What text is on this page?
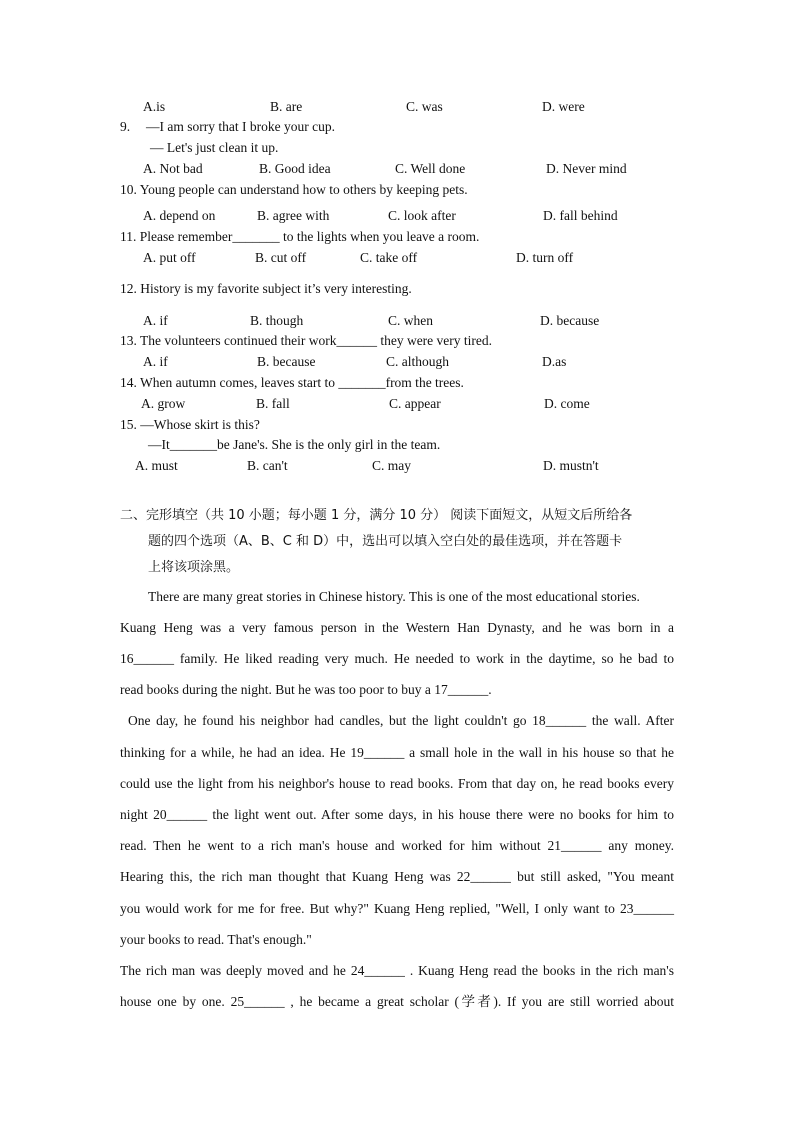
A.is	B. are	C. was	D. were
9. —I am sorry that I broke your cup.
— Let's just clean it up.
A. Not bad	B. Good idea	C. Well done	D. Never mind
10. Young people can understand how to others by keeping pets.
A. depend on	B. agree with	C. look after	D. fall behind
11. Please remember_______ to the lights when you leave a room.
A. put off	B. cut off	C. take off	D. turn off
12. History is my favorite subject it’s very interesting.
A. if	B. though	C. when	D. because
13. The volunteers continued their work______ they were very tired.
A. if	B. because	C. although	D.as
14. When autumn comes, leaves start to _______from the trees.
A. grow	B. fall	C. appear	D. come
15. —Whose skirt is this?
—It_______be Jane's. She is the only girl in the team.
A. must	B. can't	C. may	D. mustn't
二、完形填空（共 10 小题；每小题 1 分，满分 10 分） 阅读下面短文，从短文后所给各
题的四个选项（A、B、C 和 D）中，选出可以填入空白处的最佳选项，并在答题卡
上将该项涂黑。
There are many great stories in Chinese history. This is one of the most educational stories.
Kuang Heng was a very famous person in the Western Han Dynasty, and he was born in a
16______ family. He liked reading very much. He needed to work in the daytime, so he bad to
read books during the night. But he was too poor to buy a 17______.
One day, he found his neighbor had candles, but the light couldn't go 18______ the wall. After
thinking for a while, he had an idea. He 19______ a small hole in the wall in his house so that he
could use the light from his neighbor's house to read books. From that day on, he read books every
night 20______ the light went out. After some days, in his house there were no books for him to
read. Then he went to a rich man's house and worked for him without 21______ any money.
Hearing this, the rich man thought that Kuang Heng was 22______ but still asked, "You meant
you would work for me for free. But why?" Kuang Heng replied, "Well, I only want to 23______
your books to read. That's enough."
The rich man was deeply moved and he 24______ . Kuang Heng read the books in the rich man's
house one by one. 25______ , he became a great scholar (学者). If you are still worried about
